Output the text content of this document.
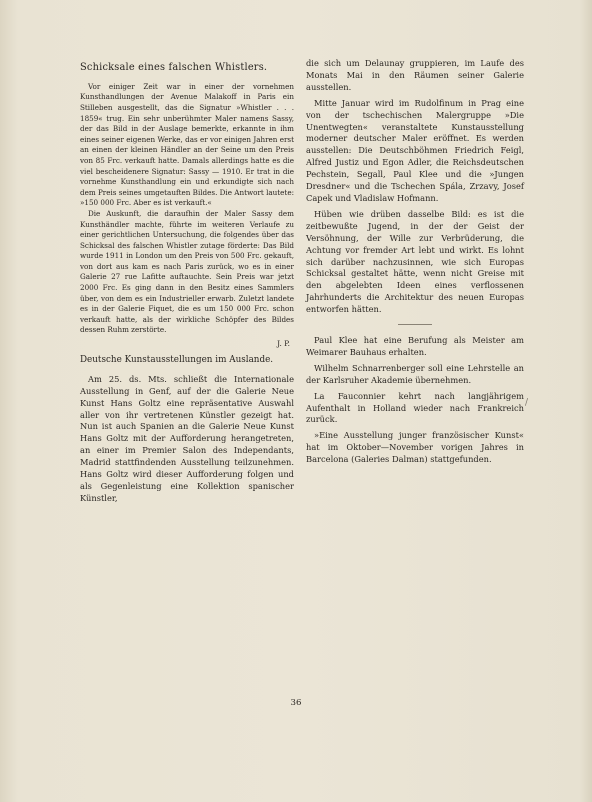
Schicksale eines falschen Whistlers.

Vor einiger Zeit war in einer der vornehmen Kunsthandlungen der Avenue Malakoff in Paris ein Stilleben ausgestellt, das die Signatur »Whistler . . . 1859« trug. Ein sehr unberühmter Maler namens Sassy, der das Bild in der Auslage bemerkte, erkannte in ihm eines seiner eigenen Werke, das er vor einigen Jahren erst an einen der kleinen Händler an der Seine um den Preis von 85 Frc. verkauft hatte. Damals allerdings hatte es die viel bescheidenere Signatur: Sassy — 1910. Er trat in die vornehme Kunsthandlung ein und erkundigte sich nach dem Preis seines umgetauften Bildes. Die Antwort lautete: »150 000 Frc. Aber es ist verkauft.«

Die Auskunft, die daraufhin der Maler Sassy dem Kunsthändler machte, führte im weiteren Verlaufe zu einer gerichtlichen Untersuchung, die folgendes über das Schicksal des falschen Whistler zutage förderte: Das Bild wurde 1911 in London um den Preis von 500 Frc. gekauft, von dort aus kam es nach Paris zurück, wo es in einer Galerie 27 rue Lafitte auftauchte. Sein Preis war jetzt 2000 Frc. Es ging dann in den Besitz eines Sammlers über, von dem es ein Industrieller erwarb. Zuletzt landete es in der Galerie Fiquet, die es um 150 000 Frc. schon verkauft hatte, als der wirkliche Schöpfer des Bildes dessen Ruhm zerstörte.

J. P.
Deutsche Kunstausstellungen im Auslande.

Am 25. ds. Mts. schließt die Internationale Ausstellung in Genf, auf der die Galerie Neue Kunst Hans Goltz eine repräsentative Auswahl aller von ihr vertretenen Künstler gezeigt hat. Nun ist auch Spanien an die Galerie Neue Kunst Hans Goltz mit der Aufforderung herangetreten, an einer im Premier Salon des Independants, Madrid stattfindenden Ausstellung teilzunehmen. Hans Goltz wird dieser Aufforderung folgen und als Gegenleistung eine Kollektion spanischer Künstler,

die sich um Delaunay gruppieren, im Laufe des Monats Mai in den Räumen seiner Galerie ausstellen.

Mitte Januar wird im Rudolfinum in Prag eine von der tschechischen Malergruppe »Die Unentwegten« veranstaltete Kunstausstellung moderner deutscher Maler eröffnet. Es werden ausstellen: Die Deutschböhmen Friedrich Feigl, Alfred Justiz und Egon Adler, die Reichsdeutschen Pechstein, Segall, Paul Klee und die »Jungen Dresdner« und die Tschechen Spála, Zrzavy, Josef Capek und Vladislaw Hofmann.

Hüben wie drüben dasselbe Bild: es ist die zeitbewußte Jugend, in der der Geist der Versöhnung, der Wille zur Verbrüderung, die Achtung vor fremder Art lebt und wirkt. Es lohnt sich darüber nachzusinnen, wie sich Europas Schicksal gestaltet hätte, wenn nicht Greise mit den abgelebten Ideen eines verflossenen Jahrhunderts die Architektur des neuen Europas entworfen hätten.

Paul Klee hat eine Berufung als Meister am Weimarer Bauhaus erhalten.

Wilhelm Schnarrenberger soll eine Lehrstelle an der Karlsruher Akademie übernehmen.

La Fauconnier kehrt nach langjährigem Aufenthalt in Holland wieder nach Frankreich zurück.

»Eine Ausstellung junger französischer Kunst« hat im Oktober—November vorigen Jahres in Barcelona (Galeries Dalman) stattgefunden.

/
36
